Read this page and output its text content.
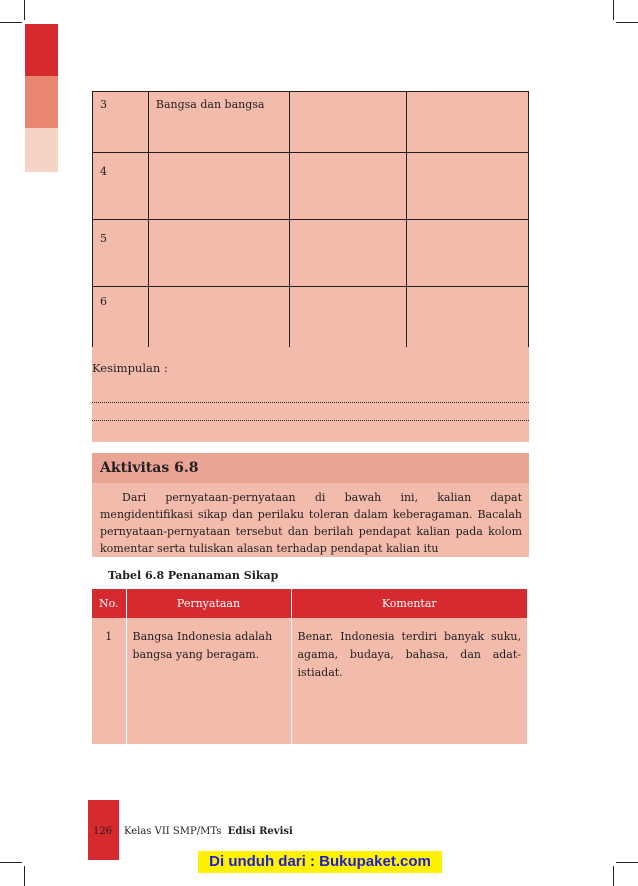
3	Bangsa dan bangsa		
4			
5			
6			
Kesimpulan :
Aktivitas 6.8

Dari pernyataan-pernyataan di bawah ini, kalian dapat mengidentifikasi sikap dan perilaku toleran dalam keberagaman. Bacalah pernyataan-pernyataan tersebut dan berilah pendapat kalian pada kolom komentar serta tuliskan alasan terhadap pendapat kalian itu

Tabel 6.8 Penanaman Sikap
No.	Pernyataan	Komentar
1	Bangsa Indonesia adalah bangsa yang beragam.	Benar. Indonesia terdiri banyak suku, agama, budaya, bahasa, dan adat-istiadat.
126 Kelas VII SMP/MTs Edisi Revisi
Di unduh dari : Bukupaket.com
